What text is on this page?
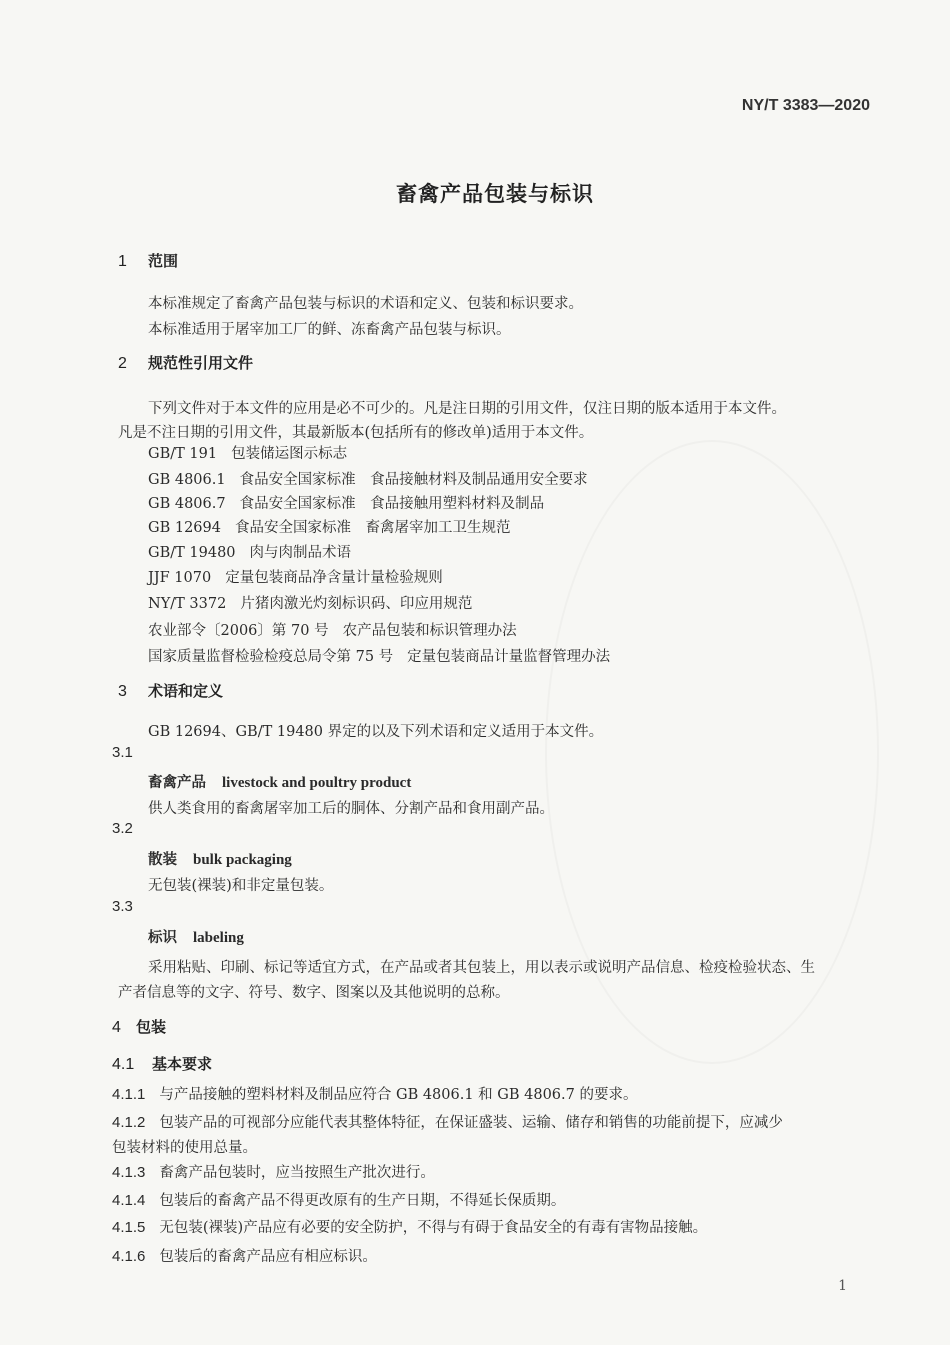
NY/T 3383—2020
畜禽产品包装与标识
1 范围
本标准规定了畜禽产品包装与标识的术语和定义、包装和标识要求。
本标准适用于屠宰加工厂的鲜、冻畜禽产品包装与标识。
2 规范性引用文件
下列文件对于本文件的应用是必不可少的。凡是注日期的引用文件，仅注日期的版本适用于本文件。
凡是不注日期的引用文件，其最新版本(包括所有的修改单)适用于本文件。
GB/T 191 包装储运图示标志
GB 4806.1 食品安全国家标准　食品接触材料及制品通用安全要求
GB 4806.7 食品安全国家标准　食品接触用塑料材料及制品
GB 12694 食品安全国家标准　畜禽屠宰加工卫生规范
GB/T 19480 肉与肉制品术语
JJF 1070 定量包装商品净含量计量检验规则
NY/T 3372 片猪肉激光灼刻标识码、印应用规范
农业部令〔2006〕第 70 号 农产品包装和标识管理办法
国家质量监督检验检疫总局令第 75 号 定量包装商品计量监督管理办法
3 术语和定义
GB 12694、GB/T 19480 界定的以及下列术语和定义适用于本文件。
3.1
畜禽产品 livestock and poultry product
供人类食用的畜禽屠宰加工后的胴体、分割产品和食用副产品。
3.2
散装 bulk packaging
无包装(裸装)和非定量包装。
3.3
标识 labeling
采用粘贴、印刷、标记等适宜方式，在产品或者其包装上，用以表示或说明产品信息、检疫检验状态、生
产者信息等的文字、符号、数字、图案以及其他说明的总称。
4 包装
4.1 基本要求
4.1.1 与产品接触的塑料材料及制品应符合 GB 4806.1 和 GB 4806.7 的要求。
4.1.2 包装产品的可视部分应能代表其整体特征，在保证盛装、运输、储存和销售的功能前提下，应减少
包装材料的使用总量。
4.1.3 畜禽产品包装时，应当按照生产批次进行。
4.1.4 包装后的畜禽产品不得更改原有的生产日期，不得延长保质期。
4.1.5 无包装(裸装)产品应有必要的安全防护，不得与有碍于食品安全的有毒有害物品接触。
4.1.6 包装后的畜禽产品应有相应标识。
1
